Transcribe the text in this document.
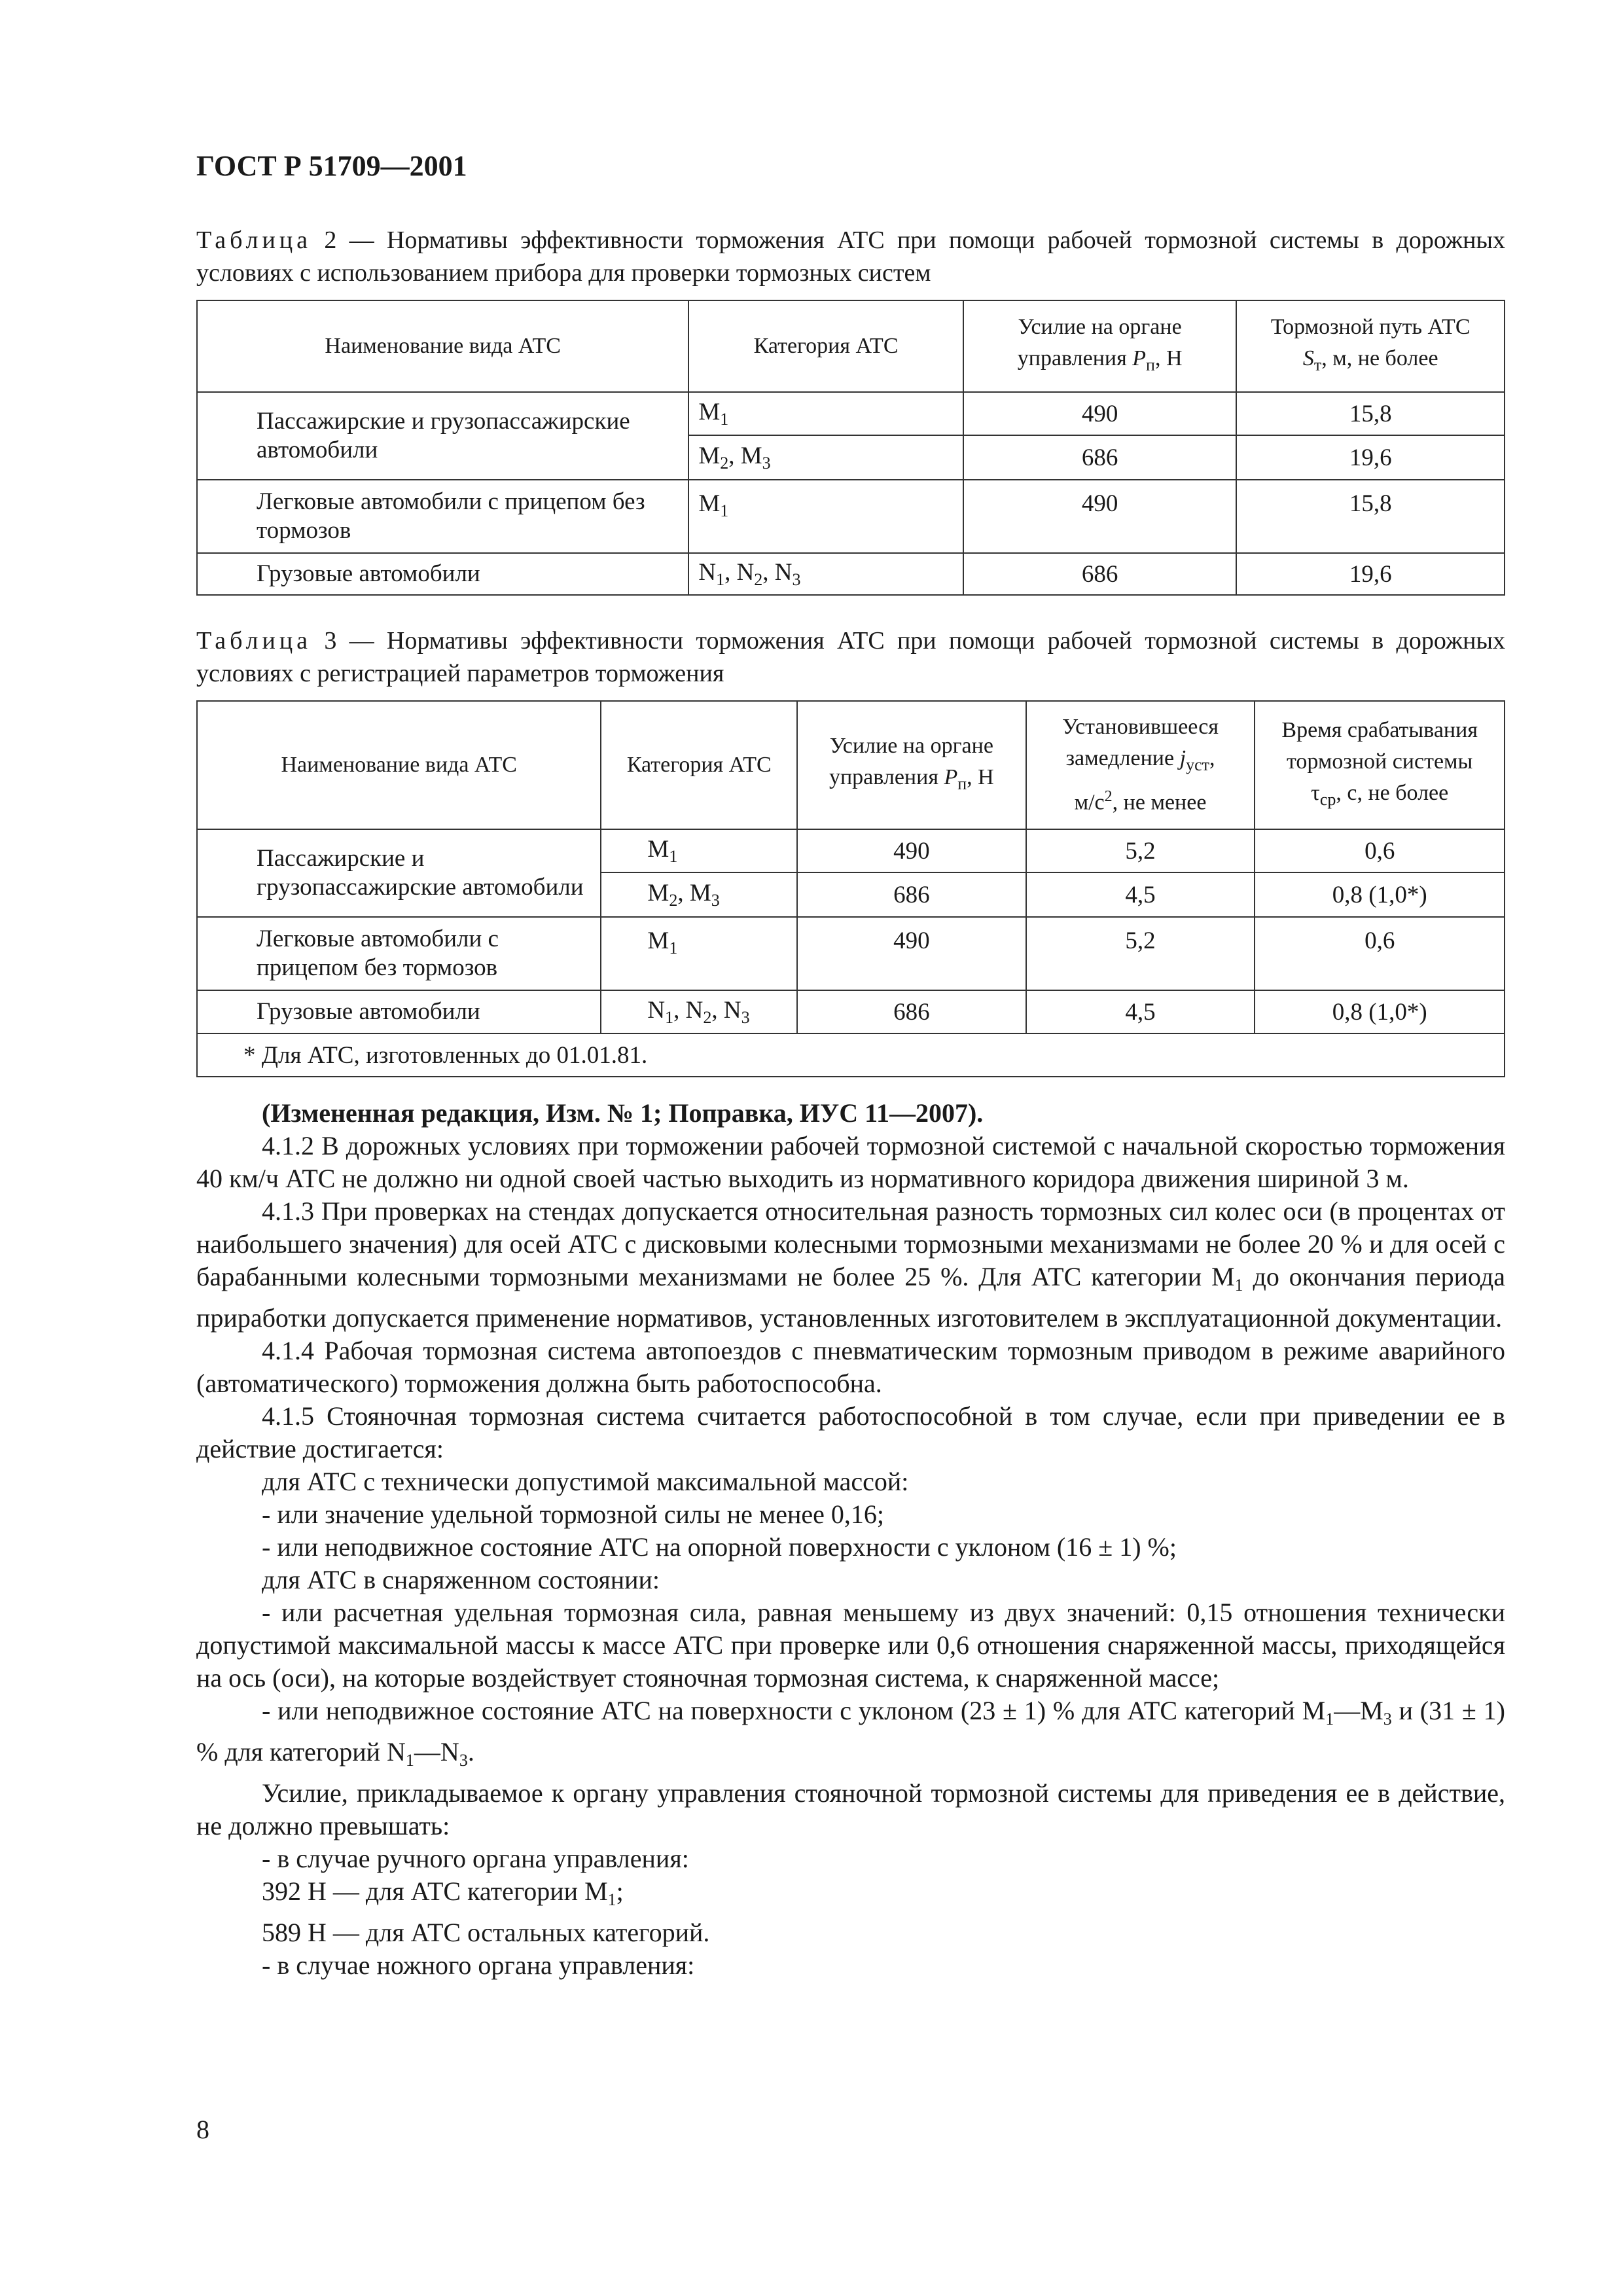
ГОСТ Р 51709—2001

Таблица 2 — Нормативы эффективности торможения АТС при помощи рабочей тормозной системы в дорожных условиях с использованием прибора для проверки тормозных систем

Наименование вида АТС	Категория АТС	Усилие на органе управления $P_п$, Н	Тормозной путь АТС
$S_т$, м, не более

Пассажирские и грузопассажирские автомобили	$M_1$	490	15,8
	$M_2$, $M_3$	686	19,6

Легковые автомобили с прицепом без тормозов	$M_1$	490	15,8

Грузовые автомобили	$N_1$, $N_2$, $N_3$	686	19,6

Таблица 3 — Нормативы эффективности торможения АТС при помощи рабочей тормозной системы в дорожных условиях с регистрацией параметров торможения

Наименование вида АТС	Категория АТС	Усилие на органе управления $P_п$, Н	Установившееся замедление $j_{уст}$,
$м/с^2$, не менее	Время срабатывания тормозной системы
$\tau_{ср}$, с, не более

Пассажирские и грузопассажирские автомобили	$M_1$	490	5,2	0,6
	$M_2$, $M_3$	686	4,5	0,8 (1,0*)

Легковые автомобили с прицепом без тормозов	$M_1$	490	5,2	0,6

Грузовые автомобили	$N_1$, $N_2$, $N_3$	686	4,5	0,8 (1,0*)
* Для АТС, изготовленных до 01.01.81.				

(Измененная редакция, Изм. № 1; Поправка, ИУС 11—2007).

4.1.2 В дорожных условиях при торможении рабочей тормозной системой с начальной скоростью торможения 40 км/ч АТС не должно ни одной своей частью выходить из нормативного коридора движения шириной 3 м.

4.1.3 При проверках на стендах допускается относительная разность тормозных сил колес оси (в процентах от наибольшего значения) для осей АТС с дисковыми колесными тормозными механизмами не более 20 % и для осей с барабанными колесными тормозными механизмами не более 25 %. Для АТС категории $М_1$ до окончания периода приработки допускается применение нормативов, установленных изготовителем в эксплуатационной документации.

4.1.4 Рабочая тормозная система автопоездов с пневматическим тормозным приводом в режиме аварийного (автоматического) торможения должна быть работоспособна.

4.1.5 Стояночная тормозная система считается работоспособной в том случае, если при приведении ее в действие достигается:

для АТС с технически допустимой максимальной массой:

- или значение удельной тормозной силы не менее 0,16;

- или неподвижное состояние АТС на опорной поверхности с уклоном (16 ± 1) %;

для АТС в снаряженном состоянии:

- или расчетная удельная тормозная сила, равная меньшему из двух значений: 0,15 отношения технически допустимой максимальной массы к массе АТС при проверке или 0,6 отношения снаряженной массы, приходящейся на ось (оси), на которые воздействует стояночная тормозная система, к снаряженной массе;

- или неподвижное состояние АТС на поверхности с уклоном (23 ± 1) % для АТС категорий $М_1—M_3$ и (31 ± 1) % для категорий $N_1—N_3$.

Усилие, прикладываемое к органу управления стояночной тормозной системы для приведения ее в действие, не должно превышать:

- в случае ручного органа управления:

392 Н — для АТС категории $М_1$;

589 Н — для АТС остальных категорий.

- в случае ножного органа управления:

8
